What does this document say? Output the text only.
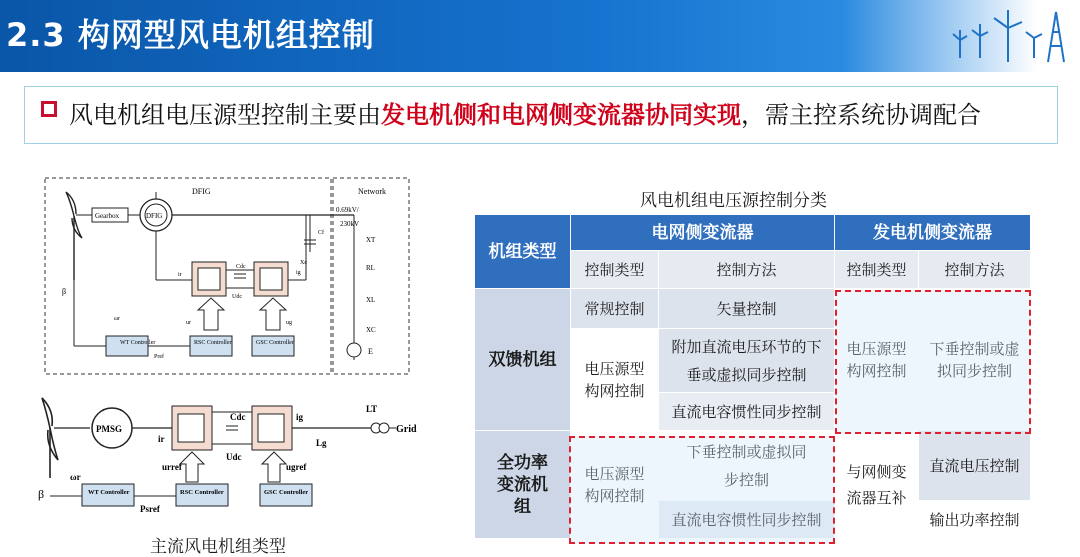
2.3 构网型风电机组控制
风电机组电压源型控制主要由发电机侧和电网侧变流器协同实现，需主控系统协调配合
DFIG	Network
Gearbox	DFIG
0.69kV/
230kV
Cdc
Udc
ig
ir
Cf
Xc
WT Controller	RSC Controller	GSC Controller
Pref
ur	ug
β
ωr
XT
RL
XL
XC
E
PMSG
Cdc
Udc
ir
ig
Lg
LT
Grid
WT Controller	RSC Controller	GSC Controller
Psref
urref	ugref
β
ωr
主流风电机组类型
风电机组电压源控制分类
机组类型	电网侧变流器		发电机侧变流器	
	控制类型	控制方法	控制类型	控制方法
双馈机组	常规控制	矢量控制	电压源型构网控制	下垂控制或虚拟同步控制
	电压源型构网控制	附加直流电压环节的下垂或虚拟同步控制		
		直流电容惯性同步控制		
全功率变流机组	电压源型构网控制	下垂控制或虚拟同步控制	与网侧变流器互补	直流电压控制
		直流电容惯性同步控制		输出功率控制
